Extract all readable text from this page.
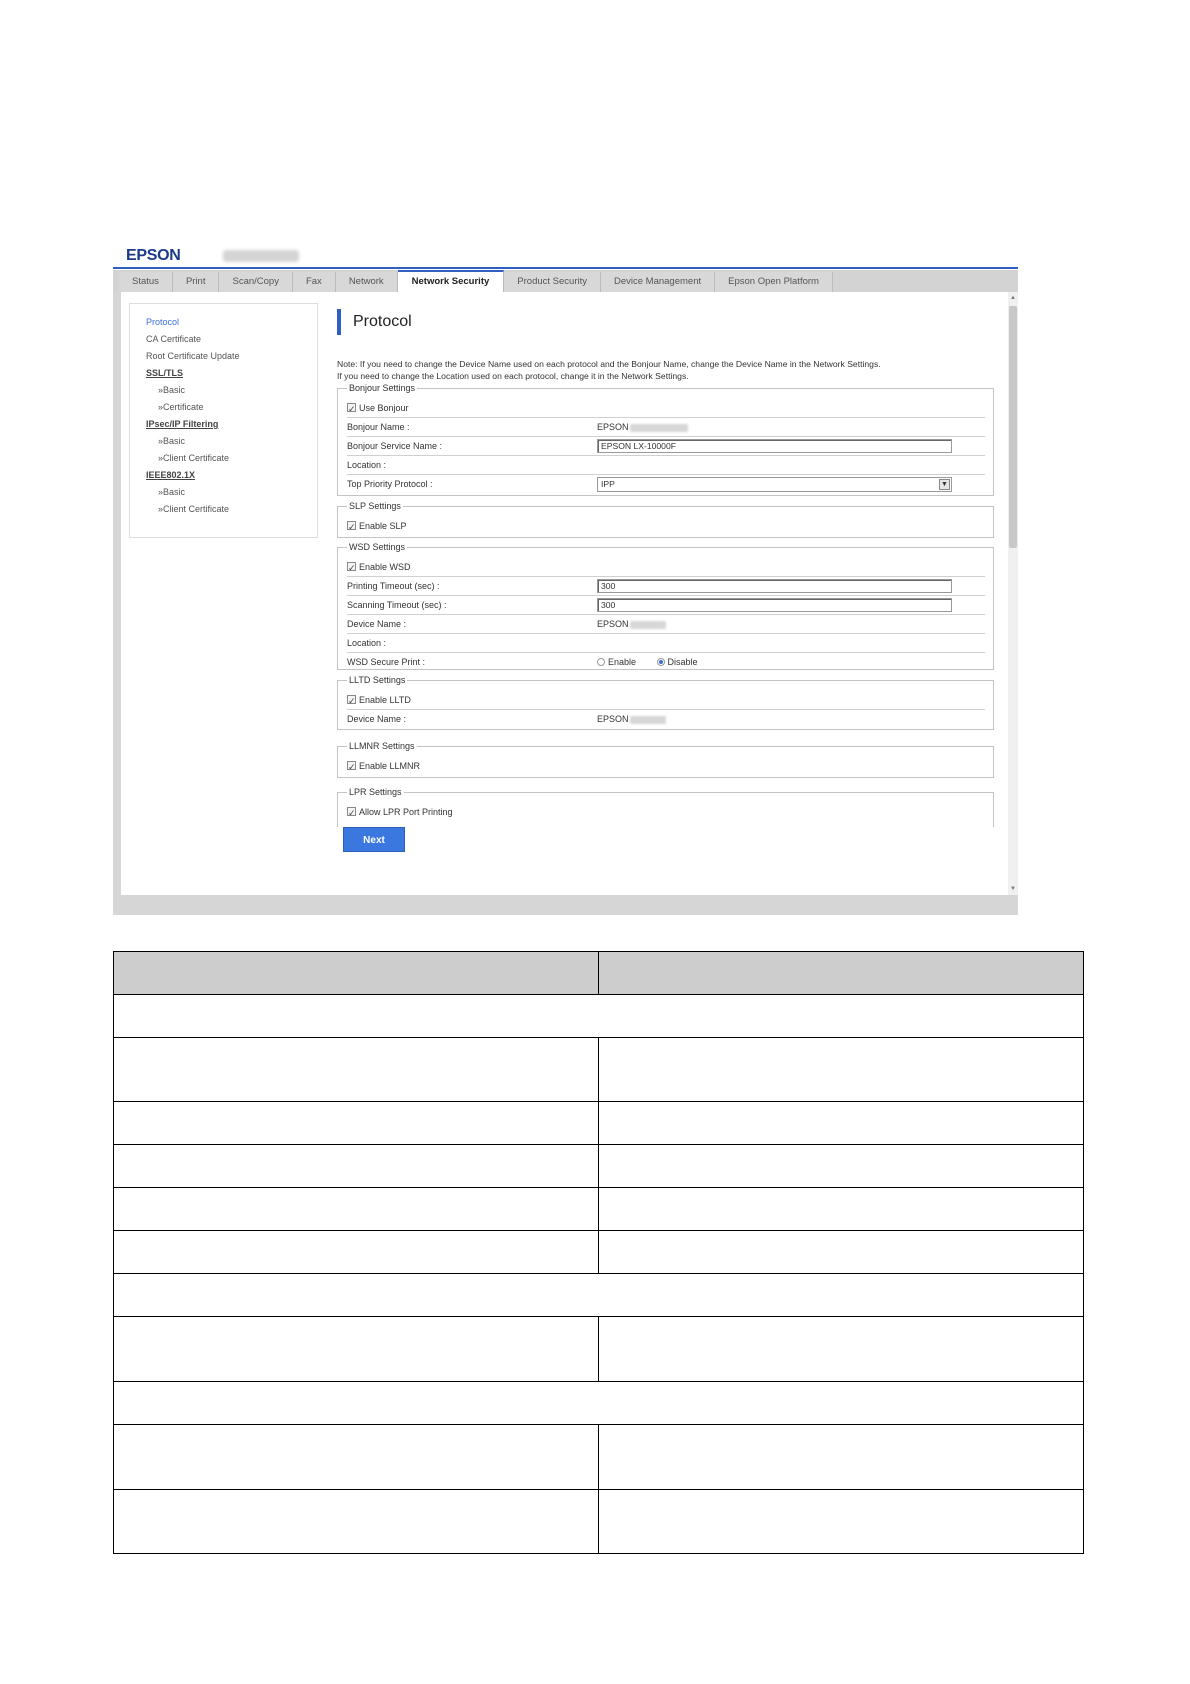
EPSON
Status	Print	Scan/Copy	Fax	Network	Network Security	Product Security	Device Management	Epson Open Platform
Protocol
CA Certificate
Root Certificate Update
SSL/TLS
»Basic
»Certificate
IPsec/IP Filtering
»Basic
»Client Certificate
IEEE802.1X
»Basic
»Client Certificate
Protocol
Note: If you need to change the Device Name used on each protocol and the Bonjour Name, change the Device Name in the Network Settings.
If you need to change the Location used on each protocol, change it in the Network Settings.
Bonjour Settings
✓Use Bonjour
Bonjour Name :	EPSON
Bonjour Service Name :	EPSON LX-10000F
Location :
Top Priority Protocol :	IPP	▼
SLP Settings
✓Enable SLP
WSD Settings
✓Enable WSD
Printing Timeout (sec) :	300
Scanning Timeout (sec) :	300
Device Name :	EPSON
Location :
WSD Secure Print :	Enable	Disable
LLTD Settings
✓Enable LLTD
Device Name :	EPSON
LLMNR Settings
✓Enable LLMNR
LPR Settings
✓Allow LPR Port Printing
Next
▲
▼
